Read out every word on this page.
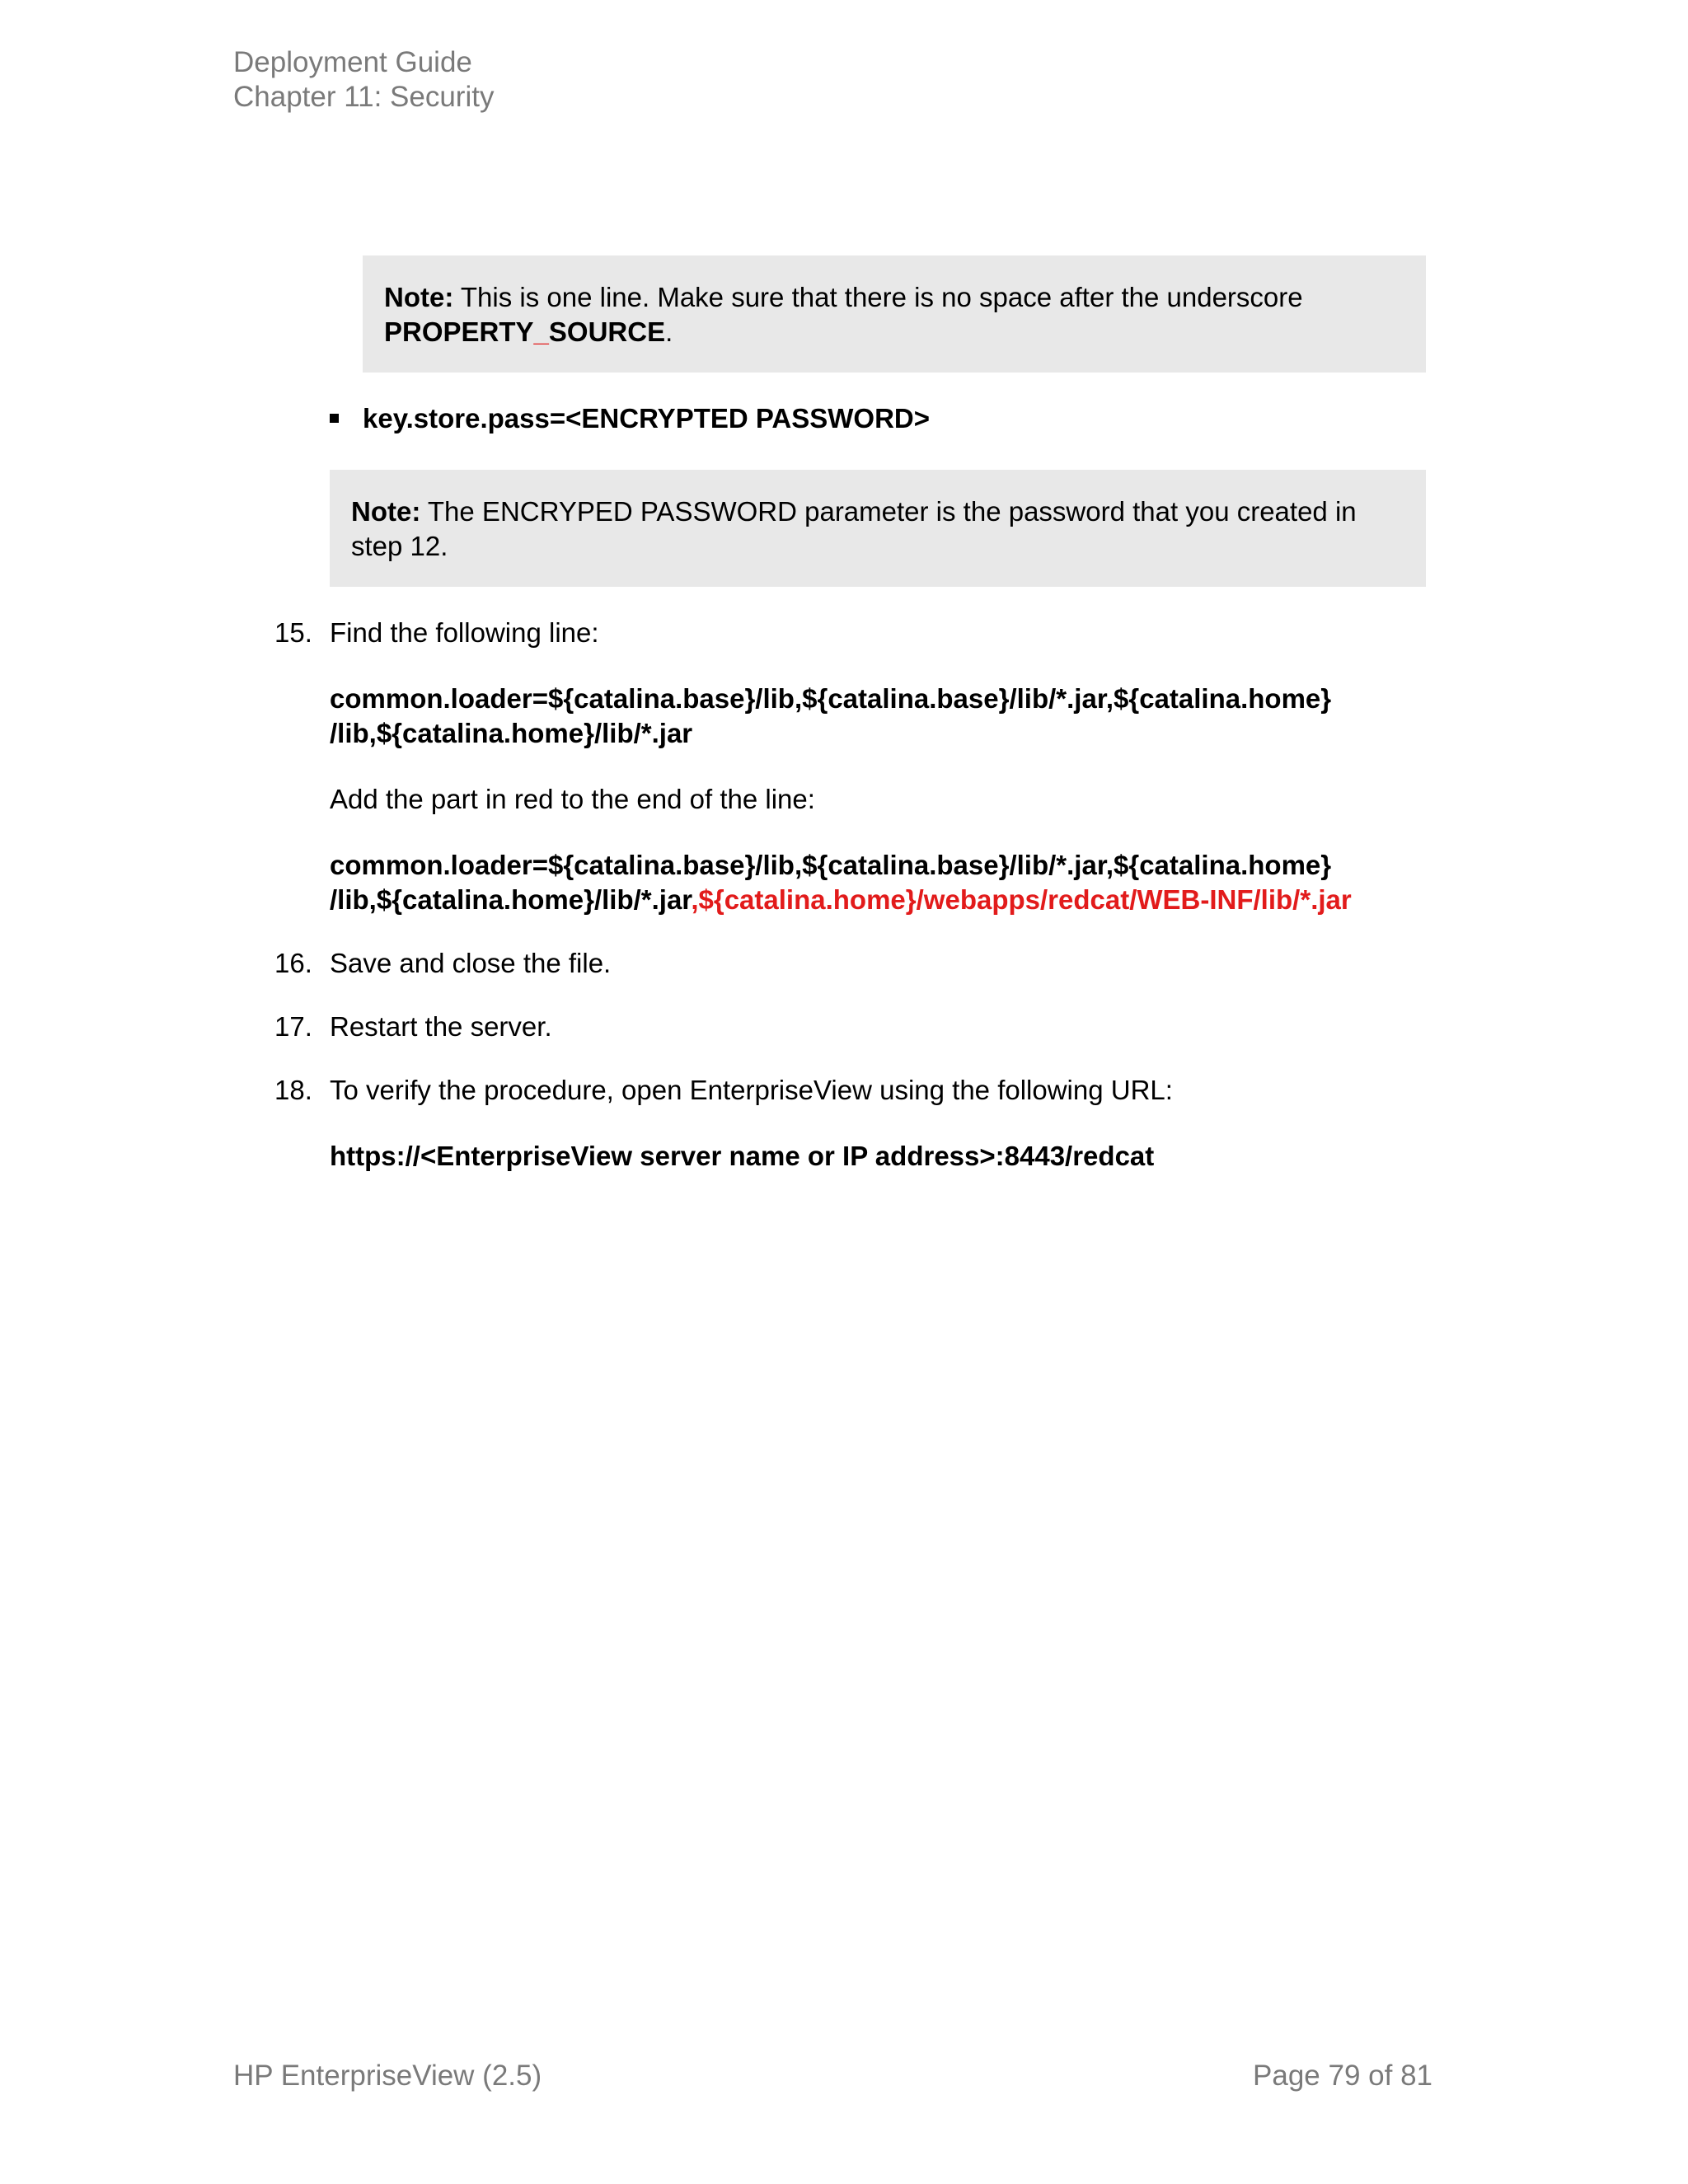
Deployment Guide
Chapter 11: Security
Note: This is one line. Make sure that there is no space after the underscore
PROPERTY_SOURCE.
key.store.pass=<ENCRYPTED PASSWORD>
Note: The ENCRYPED PASSWORD parameter is the password that you created in step 12.
15. Find the following line:
common.loader=${catalina.base}/lib,${catalina.base}/lib/*.jar,${catalina.home}
/lib,${catalina.home}/lib/*.jar
Add the part in red to the end of the line:
common.loader=${catalina.base}/lib,${catalina.base}/lib/*.jar,${catalina.home}
/lib,${catalina.home}/lib/*.jar,${catalina.home}/webapps/redcat/WEB-INF/lib/*.jar
16. Save and close the file.
17. Restart the server.
18. To verify the procedure, open EnterpriseView using the following URL:
https://<EnterpriseView server name or IP address>:8443/redcat
HP EnterpriseView (2.5)	Page 79 of 81
